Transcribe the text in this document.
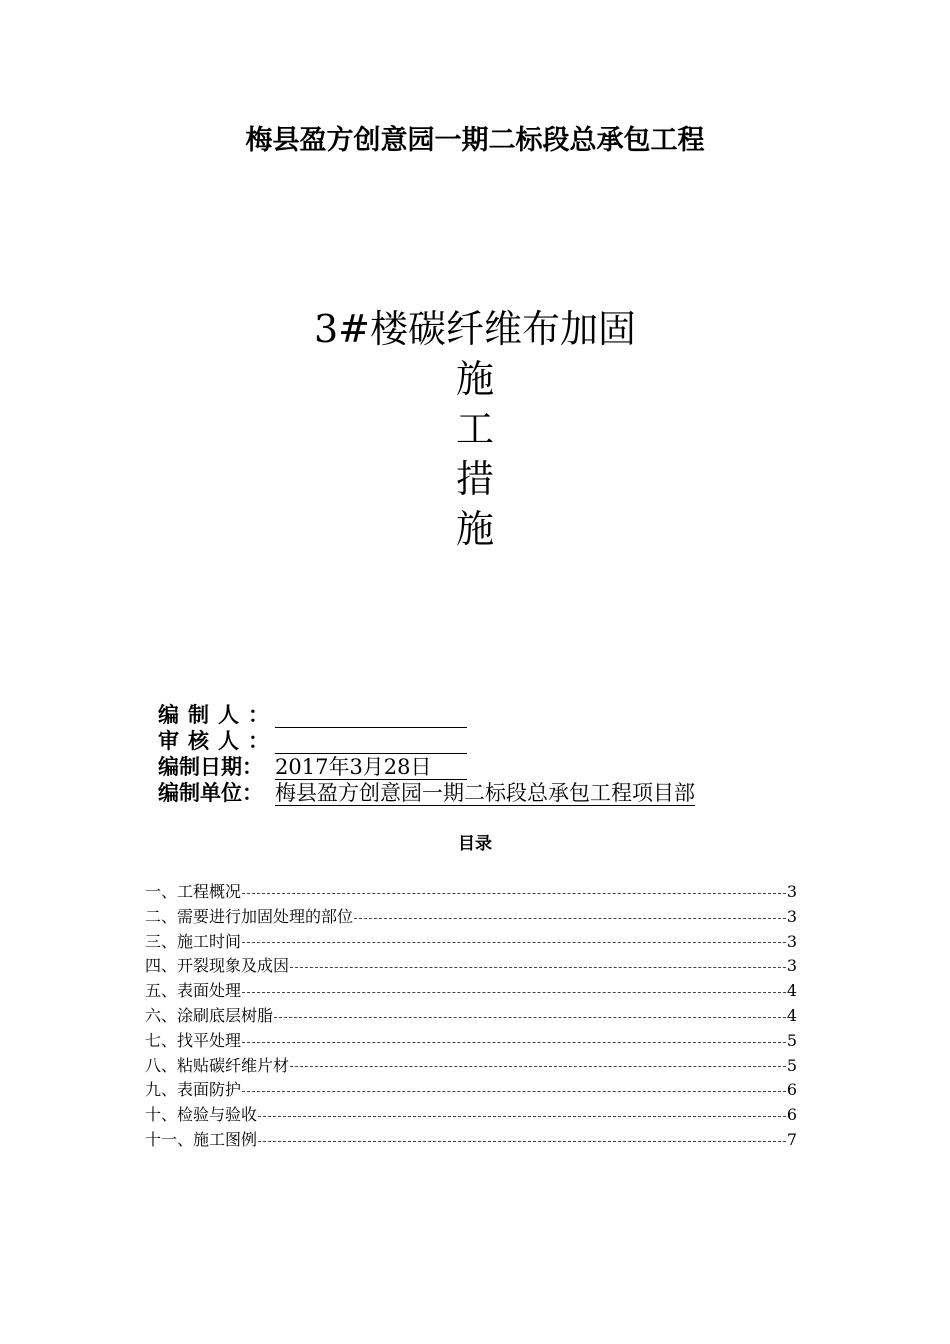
梅县盈方创意园一期二标段总承包工程
3#楼碳纤维布加固
施
工
措
施
编制人：
审核人：
编制日期： 2017年3月28日
编制单位： 梅县盈方创意园一期二标段总承包工程项目部
目录
一、工程概况	3
二、需要进行加固处理的部位	3
三、施工时间	3
四、开裂现象及成因	3
五、表面处理	4
六、涂刷底层树脂	4
七、找平处理	5
八、粘贴碳纤维片材	5
九、表面防护	6
十、检验与验收	6
十一、施工图例	7
